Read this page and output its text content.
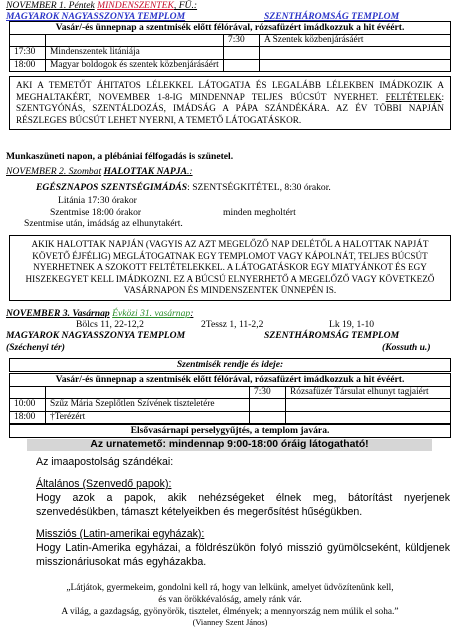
NOVEMBER 1. Péntek MINDENSZENTEK, FŰ.:
MAGYAROK NAGYASSZONYA TEMPLOM	SZENTHÁROMSÁG TEMPLOM
Vasár/-és ünnepnap a szentmisék előtt félórával, rózsafüzért imádkozzuk a hit évéért.
		7:30	A Szentek közbenjárásáért
17:30	Mindenszentek litániája		
18:00	Magyar boldogok és szentek közbenjárásáért		
AKI A TEMETŐT ÁHITATOS LÉLEKKEL LÁTOGATJA ÉS LEGALÁBB LÉLEKBEN IMÁDKOZIK A MEGHALTAKÉRT, NOVEMBER 1-8-IG MINDENNAP TELJES BÚCSÚT NYERHET. FELTÉTELEK: SZENTGYÓNÁS, SZENTÁLDOZÁS, IMÁDSÁG A PÁPA SZÁNDÉKÁRA. AZ ÉV TÖBBI NAPJÁN RÉSZLEGES BÚCSÚT LEHET NYERNI, A TEMETŐ LÁTOGATÁSKOR.
Munkaszüneti napon, a plébániai félfogadás is szünetel.
NOVEMBER 2. Szombat HALOTTAK NAPJA.:
EGÉSZNAPOS SZENTSÉGIMÁDÁS: SZENTSÉGKITÉTEL, 8:30 órakor.
Litánia 17:30 órakor
Szentmise 18:00 órakor	minden megholtért
Szentmise után, imádság az elhunytakért.
AKIK HALOTTAK NAPJÁN (VAGYIS AZ AZT MEGELŐZŐ NAP DELÉTŐL A HALOTTAK NAPJÁT KÖVETŐ ÉJFÉLIG) MEGLÁTOGATNAK EGY TEMPLOMOT VAGY KÁPOLNÁT, TELJES BÚCSÚT NYERHETNEK A SZOKOTT FELTÉTELEKKEL. A LÁTOGATÁSKOR EGY MIATYÁNKOT ÉS EGY HISZEKEGYET KELL IMÁDKOZNI. EZ A BÚCSÚ ELNYERHETŐ A MEGELŐZŐ VAGY KÖVETKEZŐ VASÁRNAPON ÉS MINDENSZENTEK ÜNNEPÉN IS.
NOVEMBER 3. Vasárnap Évközi 31. vasárnap:
Bölcs 11, 22-12,2	2Tessz 1, 11-2,2	Lk 19, 1-10
MAGYAROK NAGYASSZONYA TEMPLOM	SZENTHÁROMSÁG TEMPLOM
(Széchenyi tér)	(Kossuth u.)
Szentmisék rendje és ideje:
Vasár/-és ünnepnap a szentmisék előtt félórával, rózsafüzért imádkozzuk a hit évéért.
		7:30	Rózsafüzér Társulat elhunyt tagjaiért
10:00	Szűz Mária Szeplőtlen Szívének tiszteletére		
18:00	†Terézért		
Elsővasárnapi perselygyűjtés, a templom javára.
Az urnatemető: mindennap 9:00-18:00 óráig látogatható!
Az imaapostolság szándékai:
Általános (Szenvedő papok):
Hogy azok a papok, akik nehézségeket élnek meg, bátorítást nyerjenek szenvedésükben, támaszt kételyeikben és megerősítést hűségükben.
Missziós (Latin-amerikai egyházak):
Hogy Latin-Amerika egyházai, a földrészükön folyó misszió gyümölcseként, küldjenek misszionáriusokat más egyházakba.
„Látjátok, gyermekeim, gondolni kell rá, hogy van lelkünk, amelyet üdvözítenünk kell,
és van örökkévalóság, amely ránk vár.
A világ, a gazdagság, gyönyörök, tisztelet, élmények; a mennyország nem múlik el soha.”
(Vianney Szent János)
